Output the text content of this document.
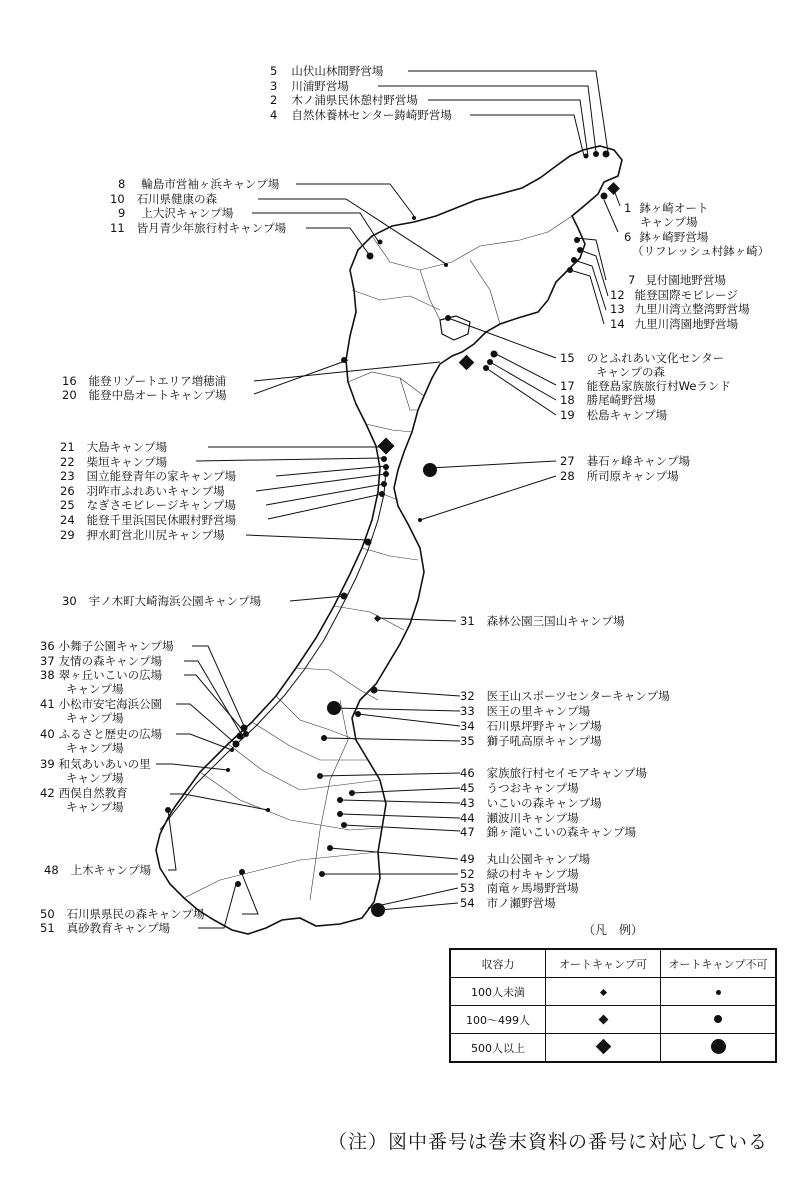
5 山伏山林間野営場
3 川浦野営場
2 木ノ浦県民休憩村野営場
4 自然休養林センター鋳崎野営場
8 輪島市営袖ヶ浜キャンプ場
10 石川県健康の森
9 上大沢キャンプ場
11 皆月青少年旅行村キャンプ場
1 鉢ヶ崎オート
キャンプ場
6 鉢ヶ崎野営場
（リフレッシュ村鉢ヶ崎）
7 見付園地野営場
12 能登国際モビレージ
13 九里川湾立整湾野営場
14 九里川湾園地野営場
15 のとふれあい文化センター
キャンプの森
16 能登リゾートエリア増穂浦
20 能登中島オートキャンプ場
17 能登島家族旅行村Weランド
18 勝尾崎野営場
19 松島キャンプ場
21 大島キャンプ場
22 柴垣キャンプ場
23 国立能登青年の家キャンプ場
26 羽咋市ふれあいキャンプ場
25 なぎさモビレージキャンプ場
24 能登千里浜国民休暇村野営場
29 押水町営北川尻キャンプ場
27 碁石ヶ峰キャンプ場
28 所司原キャンプ場
30 宇ノ木町大崎海浜公園キャンプ場
31 森林公園三国山キャンプ場
36 小舞子公園キャンプ場
37 友情の森キャンプ場
38 翠ヶ丘いこいの広場
キャンプ場
41 小松市安宅海浜公園
キャンプ場
40 ふるさと歴史の広場
キャンプ場
39 和気あいあいの里
キャンプ場
42 西俣自然教育
キャンプ場
32 医王山スポーツセンターキャンプ場
33 医王の里キャンプ場
34 石川県坪野キャンプ場
35 獅子吼高原キャンプ場
46 家族旅行村セイモアキャンプ場
45 うつおキャンプ場
43 いこいの森キャンプ場
44 瀬波川キャンプ場
47 錦ヶ滝いこいの森キャンプ場
48 上木キャンプ場
49 丸山公園キャンプ場
52 緑の村キャンプ場
53 南竜ヶ馬場野営場
54 市ノ瀬野営場
50 石川県県民の森キャンプ場
51 真砂教育キャンプ場	（凡　例）
収容力	オートキャンプ可	オートキャンプ不可
100人未満		
100〜499人		
500人以上		
（注）図中番号は巻末資料の番号に対応している
